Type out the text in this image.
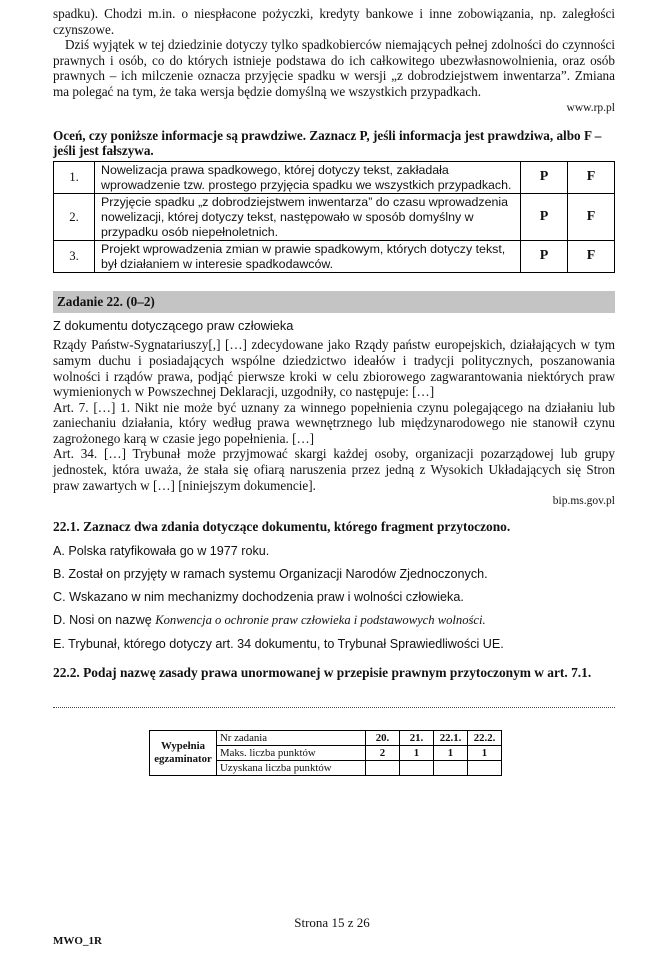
spadku). Chodzi m.in. o niespłacone pożyczki, kredyty bankowe i inne zobowiązania, np. zaległości czynszowe.

Dziś wyjątek w tej dziedzinie dotyczy tylko spadkobierców niemających pełnej zdolności do czynności prawnych i osób, co do których istnieje podstawa do ich całkowitego ubezwłasnowolnienia, oraz osób prawnych – ich milczenie oznacza przyjęcie spadku w wersji „z dobrodziejstwem inwentarza”. Zmiana ma polegać na tym, że taka wersja będzie domyślną we wszystkich przypadkach.

www.rp.pl

Oceń, czy poniższe informacje są prawdziwe. Zaznacz P, jeśli informacja jest prawdziwa, albo F – jeśli jest fałszywa.

1.	Nowelizacja prawa spadkowego, której dotyczy tekst, zakładała wprowadzenie tzw. prostego przyjęcia spadku we wszystkich przypadkach.	P	F
2.	Przyjęcie spadku „z dobrodziejstwem inwentarza” do czasu wprowadzenia nowelizacji, której dotyczy tekst, następowało w sposób domyślny w przypadku osób niepełnoletnich.	P	F
3.	Projekt wprowadzenia zmian w prawie spadkowym, których dotyczy tekst, był działaniem w interesie spadkodawców.	P	F
Zadanie 22. (0–2)

Z dokumentu dotyczącego praw człowieka

Rządy Państw-Sygnatariuszy[,] […] zdecydowane jako Rządy państw europejskich, działających w tym samym duchu i posiadających wspólne dziedzictwo ideałów i tradycji politycznych, poszanowania wolności i rządów prawa, podjąć pierwsze kroki w celu zbiorowego zagwarantowania niektórych praw wymienionych w Powszechnej Deklaracji, uzgodniły, co następuje: […]

Art. 7. […] 1. Nikt nie może być uznany za winnego popełnienia czynu polegającego na działaniu lub zaniechaniu działania, który według prawa wewnętrznego lub międzynarodowego nie stanowił czynu zagrożonego karą w czasie jego popełnienia. […]

Art. 34. […] Trybunał może przyjmować skargi każdej osoby, organizacji pozarządowej lub grupy jednostek, która uważa, że stała się ofiarą naruszenia przez jedną z Wysokich Układających się Stron praw zawartych w […] [niniejszym dokumencie].

bip.ms.gov.pl

22.1. Zaznacz dwa zdania dotyczące dokumentu, którego fragment przytoczono.

A. Polska ratyfikowała go w 1977 roku.

B. Został on przyjęty w ramach systemu Organizacji Narodów Zjednoczonych.

C. Wskazano w nim mechanizmy dochodzenia praw i wolności człowieka.

D. Nosi on nazwę Konwencja o ochronie praw człowieka i podstawowych wolności.

E. Trybunał, którego dotyczy art. 34 dokumentu, to Trybunał Sprawiedliwości UE.

22.2. Podaj nazwę zasady prawa unormowanej w przepisie prawnym przytoczonym w art. 7.1.

Wypełnia
egzaminator	Nr zadania	20.	21.	22.1.	22.2.
	Maks. liczba punktów	2	1	1	1
	Uzyskana liczba punktów				
Strona 15 z 26
MWO_1R
